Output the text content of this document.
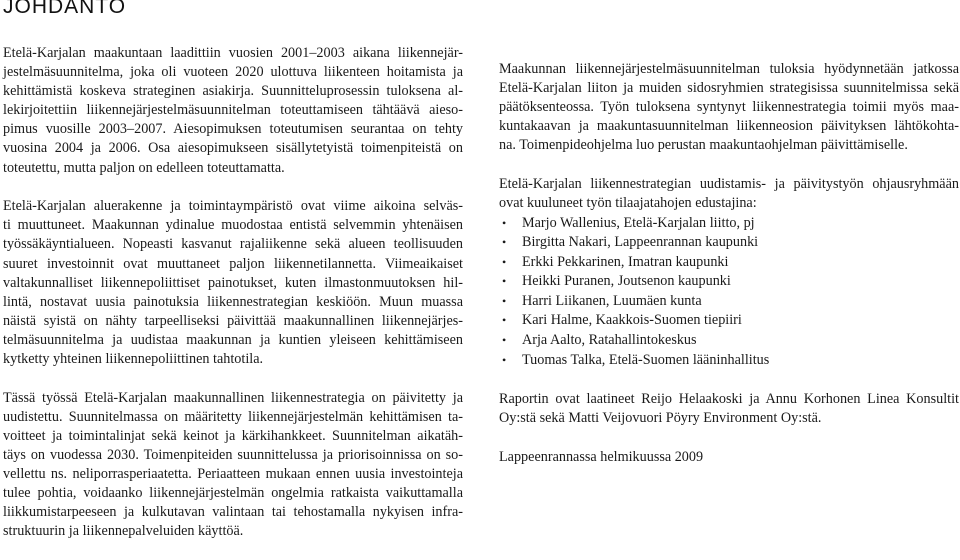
JOHDANTO
Etelä-Karjalan maakuntaan laadittiin vuosien 2001–2003 aikana liikennejär-
jestelmäsuunnitelma, joka oli vuoteen 2020 ulottuva liikenteen hoitamista ja
kehittämistä koskeva strateginen asiakirja. Suunnitteluprosessin tuloksena al-
lekirjoitettiin liikennejärjestelmäsuunnitelman toteuttamiseen tähtäävä aieso-
pimus vuosille 2003–2007. Aiesopimuksen toteutumisen seurantaa on tehty
vuosina 2004 ja 2006. Osa aiesopimukseen sisällytetyistä toimenpiteistä on
toteutettu, mutta paljon on edelleen toteuttamatta.
Etelä-Karjalan aluerakenne ja toimintaympäristö ovat viime aikoina selväs-
ti muuttuneet. Maakunnan ydinalue muodostaa entistä selvemmin yhtenäisen
työssäkäyntialueen. Nopeasti kasvanut rajaliikenne sekä alueen teollisuuden
suuret investoinnit ovat muuttaneet paljon liikennetilannetta. Viimeaikaiset
valtakunnalliset liikennepoliittiset painotukset, kuten ilmastonmuutoksen hil-
lintä, nostavat uusia painotuksia liikennestrategian keskiöön. Muun muassa
näistä syistä on nähty tarpeelliseksi päivittää maakunnallinen liikennejärjes-
telmäsuunnitelma ja uudistaa maakunnan ja kuntien yleiseen kehittämiseen
kytketty yhteinen liikennepoliittinen tahtotila.
Tässä työssä Etelä-Karjalan maakunnallinen liikennestrategia on päivitetty ja
uudistettu. Suunnitelmassa on määritetty liikennejärjestelmän kehittämisen ta-
voitteet ja toimintalinjat sekä keinot ja kärkihankkeet. Suunnitelman aikatäh-
täys on vuodessa 2030. Toimenpiteiden suunnittelussa ja priorisoinnissa on so-
vellettu ns. neliporrasperiaatetta. Periaatteen mukaan ennen uusia investointeja
tulee pohtia, voidaanko liikennejärjestelmän ongelmia ratkaista vaikuttamalla
liikkumistarpeeseen ja kulkutavan valintaan tai tehostamalla nykyisen infra-
struktuurin ja liikennepalveluiden käyttöä.
Maakunnan liikennejärjestelmäsuunnitelman tuloksia hyödynnetään jatkossa
Etelä-Karjalan liiton ja muiden sidosryhmien strategisissa suunnitelmissa sekä
päätöksenteossa. Työn tuloksena syntynyt liikennestrategia toimii myös maa-
kuntakaavan ja maakuntasuunnitelman liikenneosion päivityksen lähtökohta-
na. Toimenpideohjelma luo perustan maakuntaohjelman päivittämiselle.
Etelä-Karjalan liikennestrategian uudistamis- ja päivitystyön ohjausryhmään
ovat kuuluneet työn tilaajatahojen edustajina:
•	Marjo Wallenius, Etelä-Karjalan liitto, pj
•	Birgitta Nakari, Lappeenrannan kaupunki
•	Erkki Pekkarinen, Imatran kaupunki
•	Heikki Puranen, Joutsenon kaupunki
•	Harri Liikanen, Luumäen kunta
•	Kari Halme, Kaakkois-Suomen tiepiiri
•	Arja Aalto, Ratahallintokeskus
•	Tuomas Talka, Etelä-Suomen lääninhallitus
Raportin ovat laatineet Reijo Helaakoski ja Annu Korhonen Linea Konsultit
Oy:stä sekä Matti Veijovuori Pöyry Environment Oy:stä.
Lappeenrannassa helmikuussa 2009
